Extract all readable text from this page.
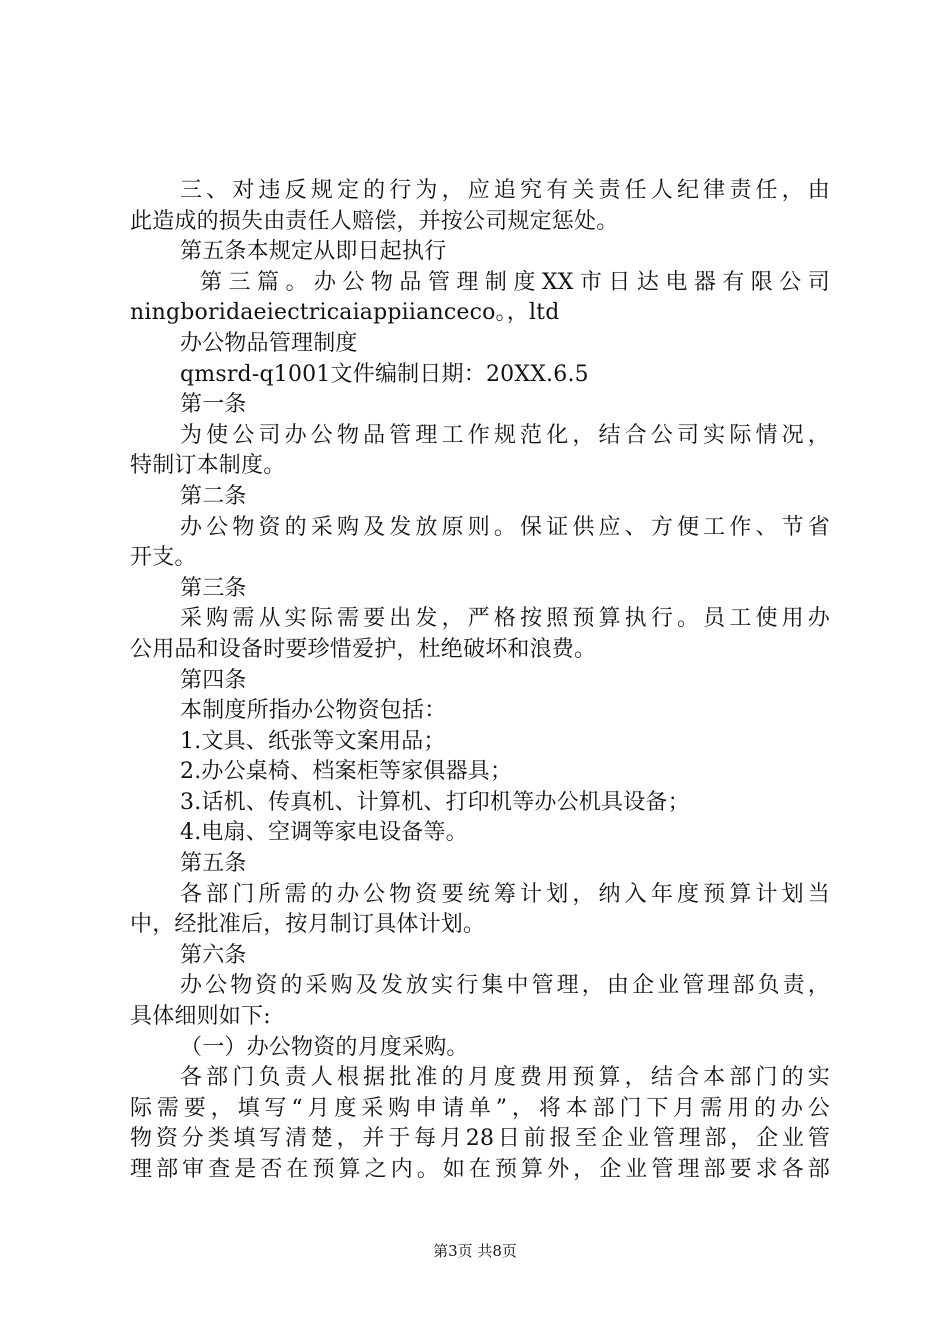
三、对违反规定的行为，应追究有关责任人纪律责任，由
此造成的损失由责任人赔偿，并按公司规定惩处。
第五条本规定从即日起执行
第三篇。办公物品管理制度XX市日达电器有限公司
ningboridaeiectricaiappiianceco。，ltd
办公物品管理制度
qmsrd-q1001文件编制日期：20XX.6.5
第一条
为使公司办公物品管理工作规范化，结合公司实际情况，
特制订本制度。
第二条
办公物资的采购及发放原则。保证供应、方便工作、节省
开支。
第三条
采购需从实际需要出发，严格按照预算执行。员工使用办
公用品和设备时要珍惜爱护，杜绝破坏和浪费。
第四条
本制度所指办公物资包括：
1.文具、纸张等文案用品；
2.办公桌椅、档案柜等家俱器具；
3.话机、传真机、计算机、打印机等办公机具设备；
4.电扇、空调等家电设备等。
第五条
各部门所需的办公物资要统筹计划，纳入年度预算计划当
中，经批准后，按月制订具体计划。
第六条
办公物资的采购及发放实行集中管理，由企业管理部负责，
具体细则如下:
（一）办公物资的月度采购。
各部门负责人根据批准的月度费用预算，结合本部门的实
际需要，填写“月度采购申请单”，将本部门下月需用的办公
物资分类填写清楚，并于每月28日前报至企业管理部，企业管
理部审查是否在预算之内。如在预算外，企业管理部要求各部
第3页 共8页
